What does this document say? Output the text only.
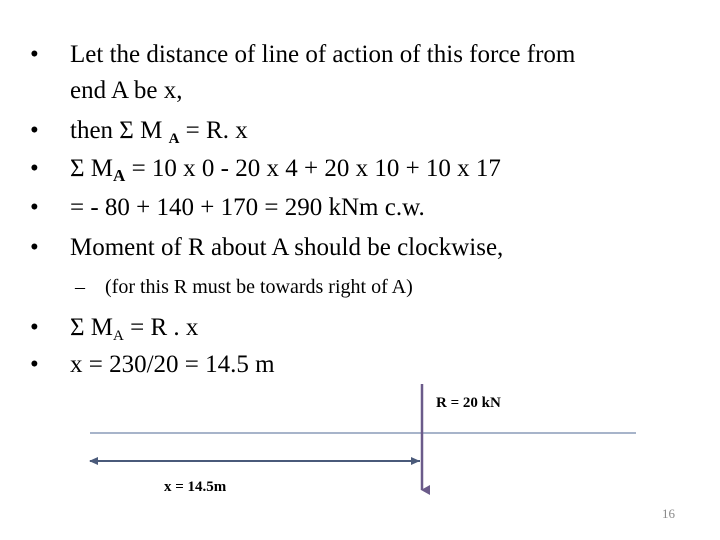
•	Let the distance of line of action of this force from
end A be x,
•	then Σ M $_A$ = R. x
•	Σ $M_A = 10$ x 0 - 20 x 4 + 20 x 10 + 10 x 17
•	= - 80 + 140 + 170 = 290 kNm c.w.
•	Moment of R about A should be clockwise,
– (for this R must be towards right of A)
•	Σ $M_A = R$ . x
•	x = 230/20 = 14.5 m
R = 20 kN
x = 14.5m
16
